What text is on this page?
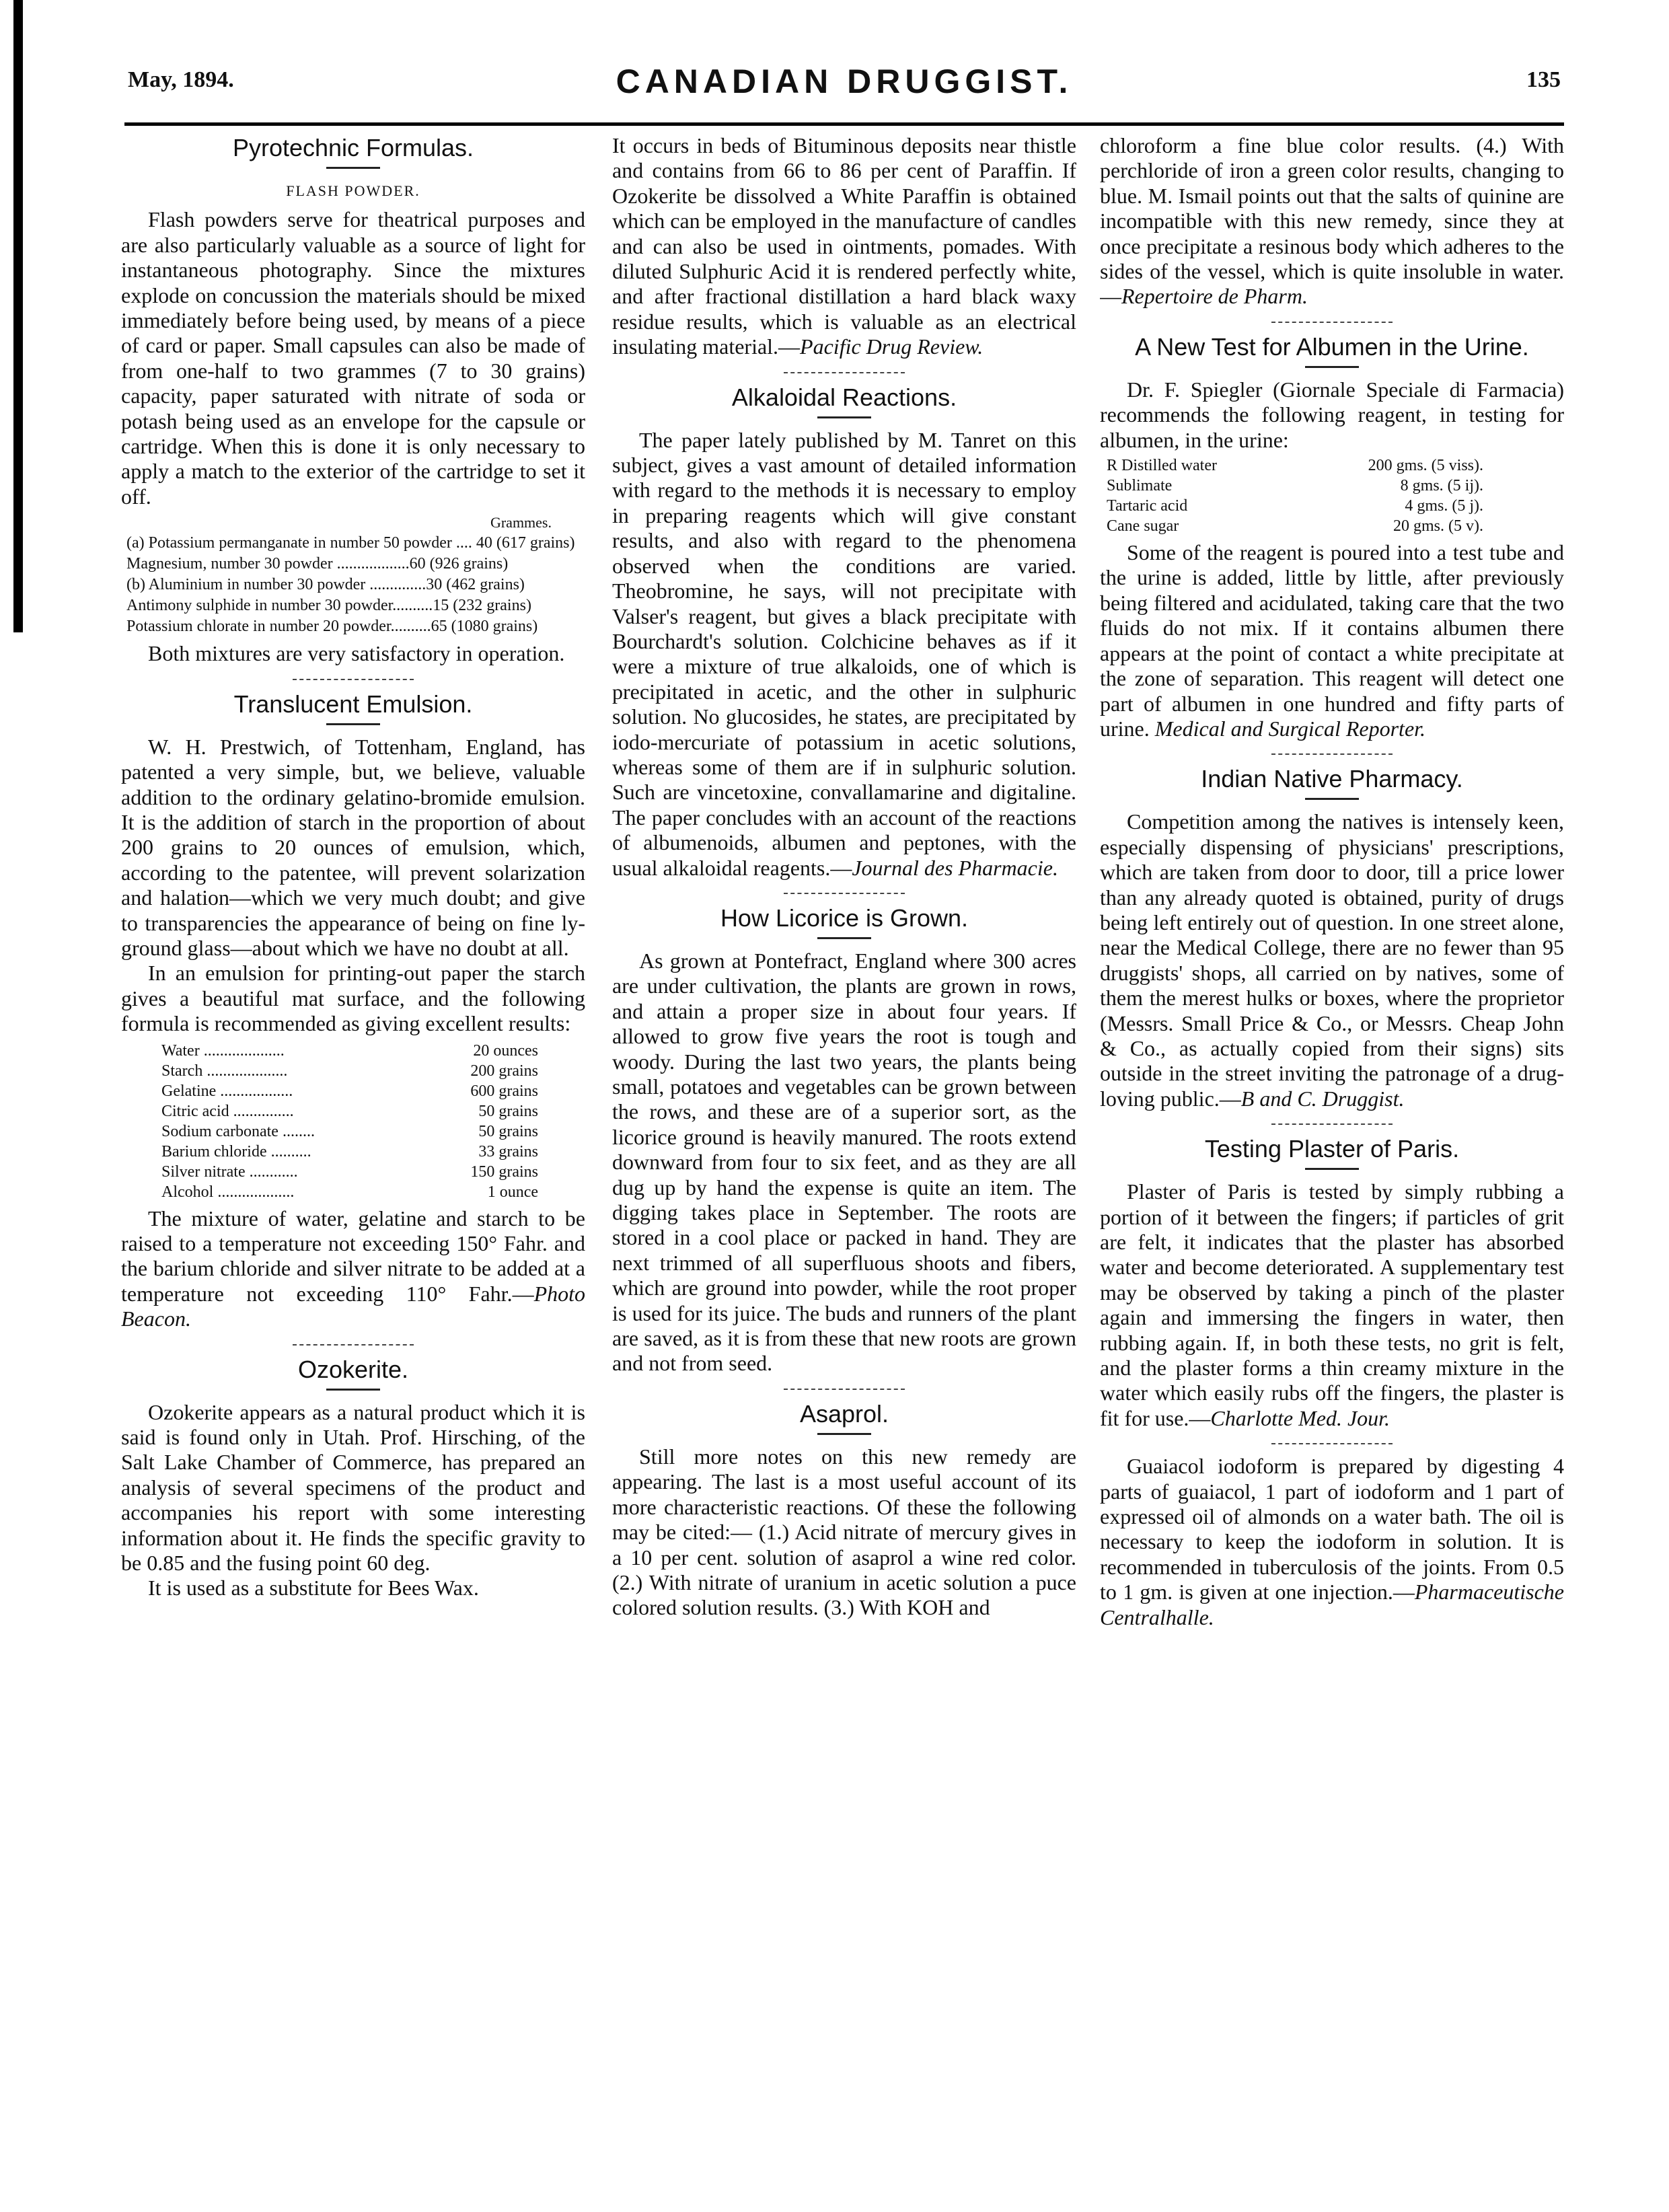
May, 1894.	CANADIAN DRUGGIST.	135
Pyrotechnic Formulas.
FLASH POWDER.

Flash powders serve for theatrical purposes and are also particularly valuable as a source of light for instantaneous photography. Since the mixtures explode on concussion the materials should be mixed immediately before being used, by means of a piece of card or paper. Small capsules can also be made of from one-half to two grammes (7 to 30 grains) capacity, paper saturated with nitrate of soda or potash being used as an envelope for the capsule or cartridge. When this is done it is only necessary to apply a match to the exterior of the cartridge to set it off.

Grammes.
(a) Potassium permanganate in number 50 powder .... 40 (617 grains)
Magnesium, number 30 powder ..................60 (926 grains)
(b) Aluminium in number 30 powder ..............30 (462 grains)
Antimony sulphide in number 30 powder..........15 (232 grains)
Potassium chlorate in number 20 powder..........65 (1080 grains)

Both mixtures are very satisfactory in operation.

Translucent Emulsion.

W. H. Prestwich, of Tottenham, England, has patented a very simple, but, we believe, valuable addition to the ordinary gelatino-bromide emulsion. It is the addition of starch in the proportion of about 200 grains to 20 ounces of emulsion, which, according to the patentee, will prevent solarization and halation—which we very much doubt; and give to transparencies the appearance of being on fine ly-ground glass—about which we have no doubt at all.

In an emulsion for printing-out paper the starch gives a beautiful mat surface, and the following formula is recommended as giving excellent results:

Water ....................	20 ounces
Starch ....................	200 grains
Gelatine ..................	600 grains
Citric acid ...............	50 grains
Sodium carbonate ........	50 grains
Barium chloride ..........	33 grains
Silver nitrate ............	150 grains
Alcohol ...................	1 ounce

The mixture of water, gelatine and starch to be raised to a temperature not exceeding 150° Fahr. and the barium chloride and silver nitrate to be added at a temperature not exceeding 110° Fahr.—Photo Beacon.

Ozokerite.

Ozokerite appears as a natural product which it is said is found only in Utah. Prof. Hirsching, of the Salt Lake Chamber of Commerce, has prepared an analysis of several specimens of the product and accompanies his report with some interesting information about it. He finds the specific gravity to be 0.85 and the fusing point 60 deg.

It is used as a substitute for Bees Wax.

It occurs in beds of Bituminous deposits near thistle and contains from 66 to 86 per cent of Paraffin. If Ozokerite be dissolved a White Paraffin is obtained which can be employed in the manufacture of candles and can also be used in ointments, pomades. With diluted Sulphuric Acid it is rendered perfectly white, and after fractional distillation a hard black waxy residue results, which is valuable as an electrical insulating material.—Pacific Drug Review.

Alkaloidal Reactions.

The paper lately published by M. Tanret on this subject, gives a vast amount of detailed information with regard to the methods it is necessary to employ in preparing reagents which will give constant results, and also with regard to the phenomena observed when the conditions are varied. Theobromine, he says, will not precipitate with Valser's reagent, but gives a black precipitate with Bourchardt's solution. Colchicine behaves as if it were a mixture of true alkaloids, one of which is precipitated in acetic, and the other in sulphuric solution. No glucosides, he states, are precipitated by iodo-mercuriate of potassium in acetic solutions, whereas some of them are if in sulphuric solution. Such are vincetoxine, convallamarine and digitaline. The paper concludes with an account of the reactions of albumenoids, albumen and peptones, with the usual alkaloidal reagents.—Journal des Pharmacie.

How Licorice is Grown.

As grown at Pontefract, England where 300 acres are under cultivation, the plants are grown in rows, and attain a proper size in about four years. If allowed to grow five years the root is tough and woody. During the last two years, the plants being small, potatoes and vegetables can be grown between the rows, and these are of a superior sort, as the licorice ground is heavily manured. The roots extend downward from four to six feet, and as they are all dug up by hand the expense is quite an item. The digging takes place in September. The roots are stored in a cool place or packed in hand. They are next trimmed of all superfluous shoots and fibers, which are ground into powder, while the root proper is used for its juice. The buds and runners of the plant are saved, as it is from these that new roots are grown and not from seed.

Asaprol.

Still more notes on this new remedy are appearing. The last is a most useful account of its more characteristic reactions. Of these the following may be cited:— (1.) Acid nitrate of mercury gives in a 10 per cent. solution of asaprol a wine red color. (2.) With nitrate of uranium in acetic solution a puce colored solution results. (3.) With KOH and

chloroform a fine blue color results. (4.) With perchloride of iron a green color results, changing to blue. M. Ismail points out that the salts of quinine are incompatible with this new remedy, since they at once precipitate a resinous body which adheres to the sides of the vessel, which is quite insoluble in water.—Repertoire de Pharm.

A New Test for Albumen in the Urine.

Dr. F. Spiegler (Giornale Speciale di Farmacia) recommends the following reagent, in testing for albumen, in the urine:

R Distilled water	200 gms. (5 viss).
Sublimate	8 gms. (5 ij).
Tartaric acid	4 gms. (5 j).
Cane sugar	20 gms. (5 v).

Some of the reagent is poured into a test tube and the urine is added, little by little, after previously being filtered and acidulated, taking care that the two fluids do not mix. If it contains albumen there appears at the point of contact a white precipitate at the zone of separation. This reagent will detect one part of albumen in one hundred and fifty parts of urine. Medical and Surgical Reporter.

Indian Native Pharmacy.

Competition among the natives is intensely keen, especially dispensing of physicians' prescriptions, which are taken from door to door, till a price lower than any already quoted is obtained, purity of drugs being left entirely out of question. In one street alone, near the Medical College, there are no fewer than 95 druggists' shops, all carried on by natives, some of them the merest hulks or boxes, where the proprietor (Messrs. Small Price & Co., or Messrs. Cheap John & Co., as actually copied from their signs) sits outside in the street inviting the patronage of a drug-loving public.—B and C. Druggist.

Testing Plaster of Paris.

Plaster of Paris is tested by simply rubbing a portion of it between the fingers; if particles of grit are felt, it indicates that the plaster has absorbed water and become deteriorated. A supplementary test may be observed by taking a pinch of the plaster again and immersing the fingers in water, then rubbing again. If, in both these tests, no grit is felt, and the plaster forms a thin creamy mixture in the water which easily rubs off the fingers, the plaster is fit for use.—Charlotte Med. Jour.

Guaiacol iodoform is prepared by digesting 4 parts of guaiacol, 1 part of iodoform and 1 part of expressed oil of almonds on a water bath. The oil is necessary to keep the iodoform in solution. It is recommended in tuberculosis of the joints. From 0.5 to 1 gm. is given at one injection.—Pharmaceutische Centralhalle.
